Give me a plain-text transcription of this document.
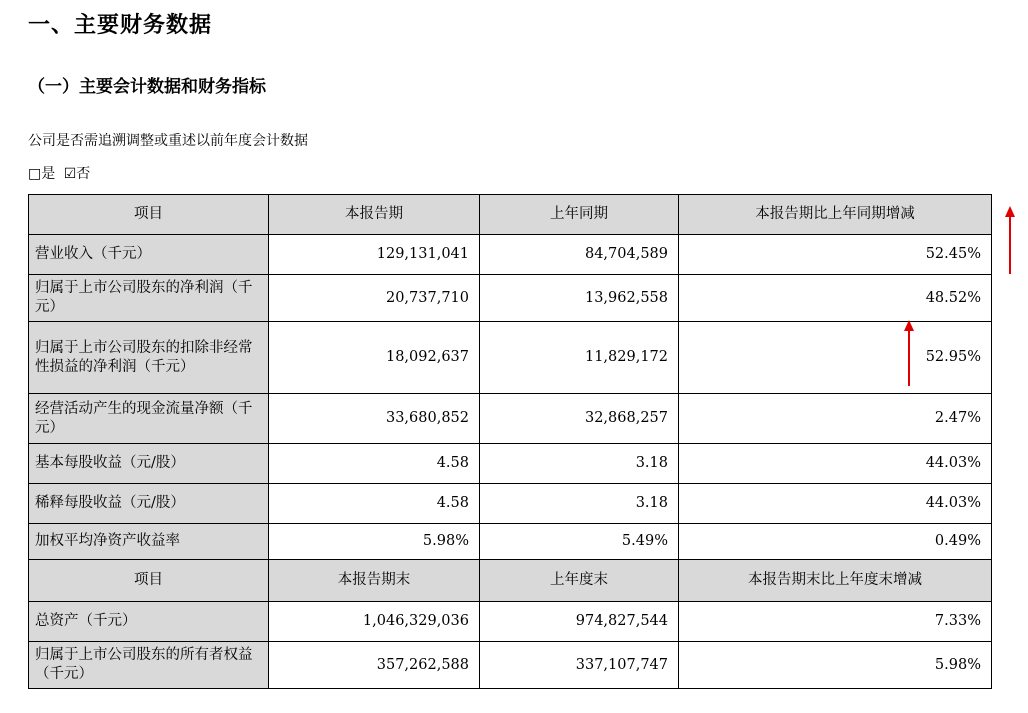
一、主要财务数据
（一）主要会计数据和财务指标
公司是否需追溯调整或重述以前年度会计数据
□是 ☑否
项目	本报告期	上年同期	本报告期比上年同期增减
营业收入（千元）	129,131,041	84,704,589	52.45%
归属于上市公司股东的净利润（千元）	20,737,710	13,962,558	48.52%
归属于上市公司股东的扣除非经常性损益的净利润（千元）	18,092,637	11,829,172	52.95%
经营活动产生的现金流量净额（千元）	33,680,852	32,868,257	2.47%
基本每股收益（元/股）	4.58	3.18	44.03%
稀释每股收益（元/股）	4.58	3.18	44.03%
加权平均净资产收益率	5.98%	5.49%	0.49%
项目	本报告期末	上年度末	本报告期末比上年度末增减
总资产（千元）	1,046,329,036	974,827,544	7.33%
归属于上市公司股东的所有者权益（千元）	357,262,588	337,107,747	5.98%
